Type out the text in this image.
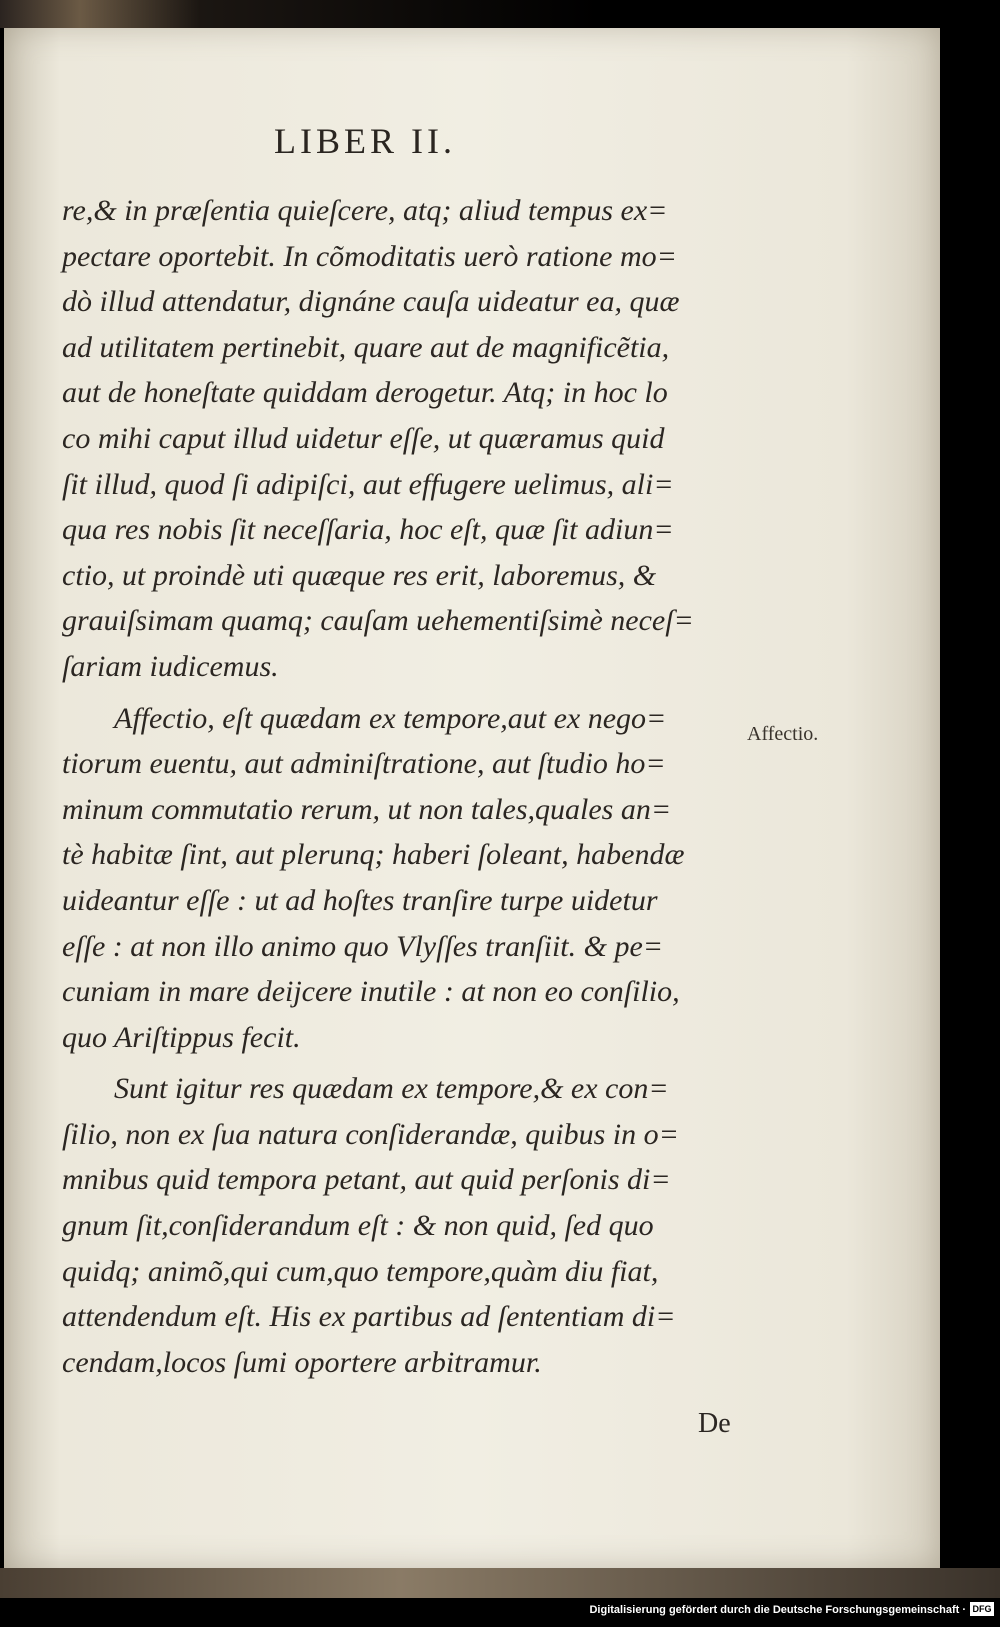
LIBER II.
re,& in præſentia quieſcere, atq; aliud tempus ex=
pectare oportebit. In cõmoditatis uerò ratione mo=
dò illud attendatur, dignáne cauſa uideatur ea, quæ
ad utilitatem pertinebit, quare aut de magnificẽtia,
aut de honeſtate quiddam derogetur. Atq; in hoc lo
co mihi caput illud uidetur eſſe, ut quæramus quid
ſit illud, quod ſi adipiſci, aut effugere uelimus, ali=
qua res nobis ſit neceſſaria, hoc eſt, quæ ſit adiun=
ctio, ut proindè uti quæque res erit, laboremus, &
grauiſsimam quamq; cauſam uehementiſsimè neceſ=
ſariam iudicemus.
Affectio, eſt quædam ex tempore,aut ex nego=
tiorum euentu, aut adminiſtratione, aut ſtudio ho=
minum commutatio rerum, ut non tales,quales an=
tè habitæ ſint, aut plerunq; haberi ſoleant, habendæ
uideantur eſſe : ut ad hoſtes tranſire turpe uidetur
eſſe : at non illo animo quo Vlyſſes tranſiit. & pe=
cuniam in mare deijcere inutile : at non eo conſilio,
quo Ariſtippus fecit.
Sunt igitur res quædam ex tempore,& ex con=
ſilio, non ex ſua natura conſiderandæ, quibus in o=
mnibus quid tempora petant, aut quid perſonis di=
gnum ſit,conſiderandum eſt : & non quid, ſed quo
quidq; animõ,qui cum,quo tempore,quàm diu fiat,
attendendum eſt. His ex partibus ad ſententiam di=
cendam,locos ſumi oportere arbitramur.
Affectio.
De
Digitalisierung gefördert durch die Deutsche Forschungsgemeinschaft · DFG
